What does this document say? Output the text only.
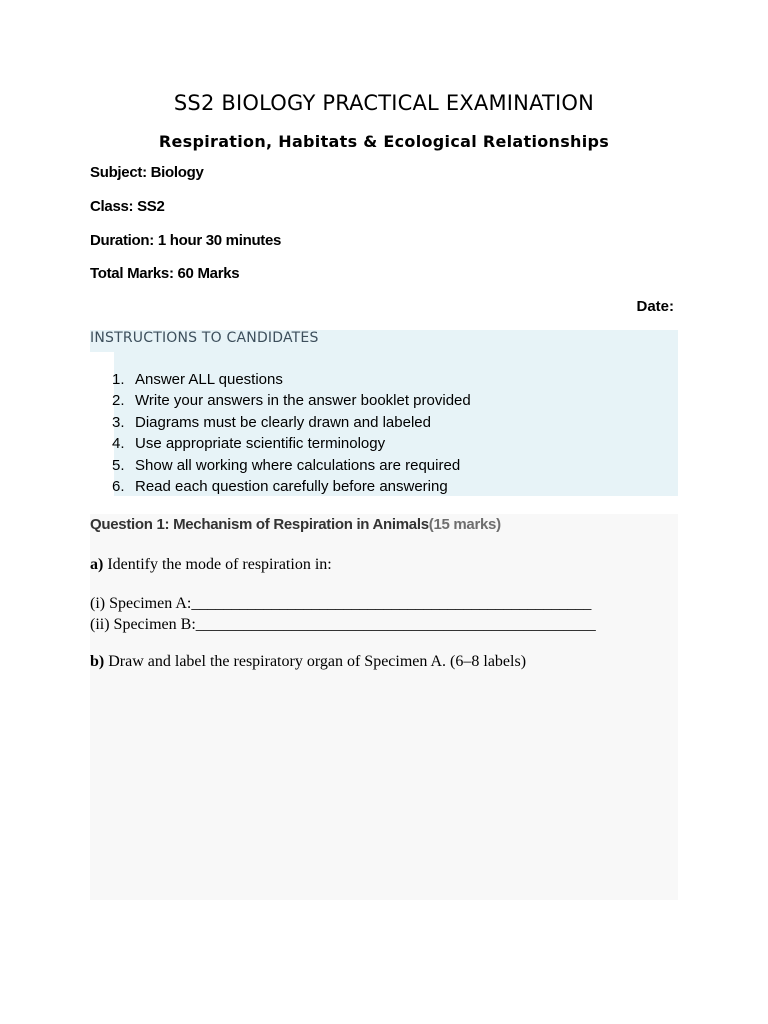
SS2 BIOLOGY PRACTICAL EXAMINATION
Respiration, Habitats & Ecological Relationships
Subject: Biology
Class: SS2
Duration: 1 hour 30 minutes
Total Marks: 60 Marks
Date:
INSTRUCTIONS TO CANDIDATES
1. Answer ALL questions
2. Write your answers in the answer booklet provided
3. Diagrams must be clearly drawn and labeled
4. Use appropriate scientific terminology
5. Show all working where calculations are required
6. Read each question carefully before answering
Question 1: Mechanism of Respiration in Animals(15 marks)
a) Identify the mode of respiration in:
(i) Specimen A:__________________________________________________
(ii) Specimen B:__________________________________________________
b) Draw and label the respiratory organ of Specimen A. (6–8 labels)
